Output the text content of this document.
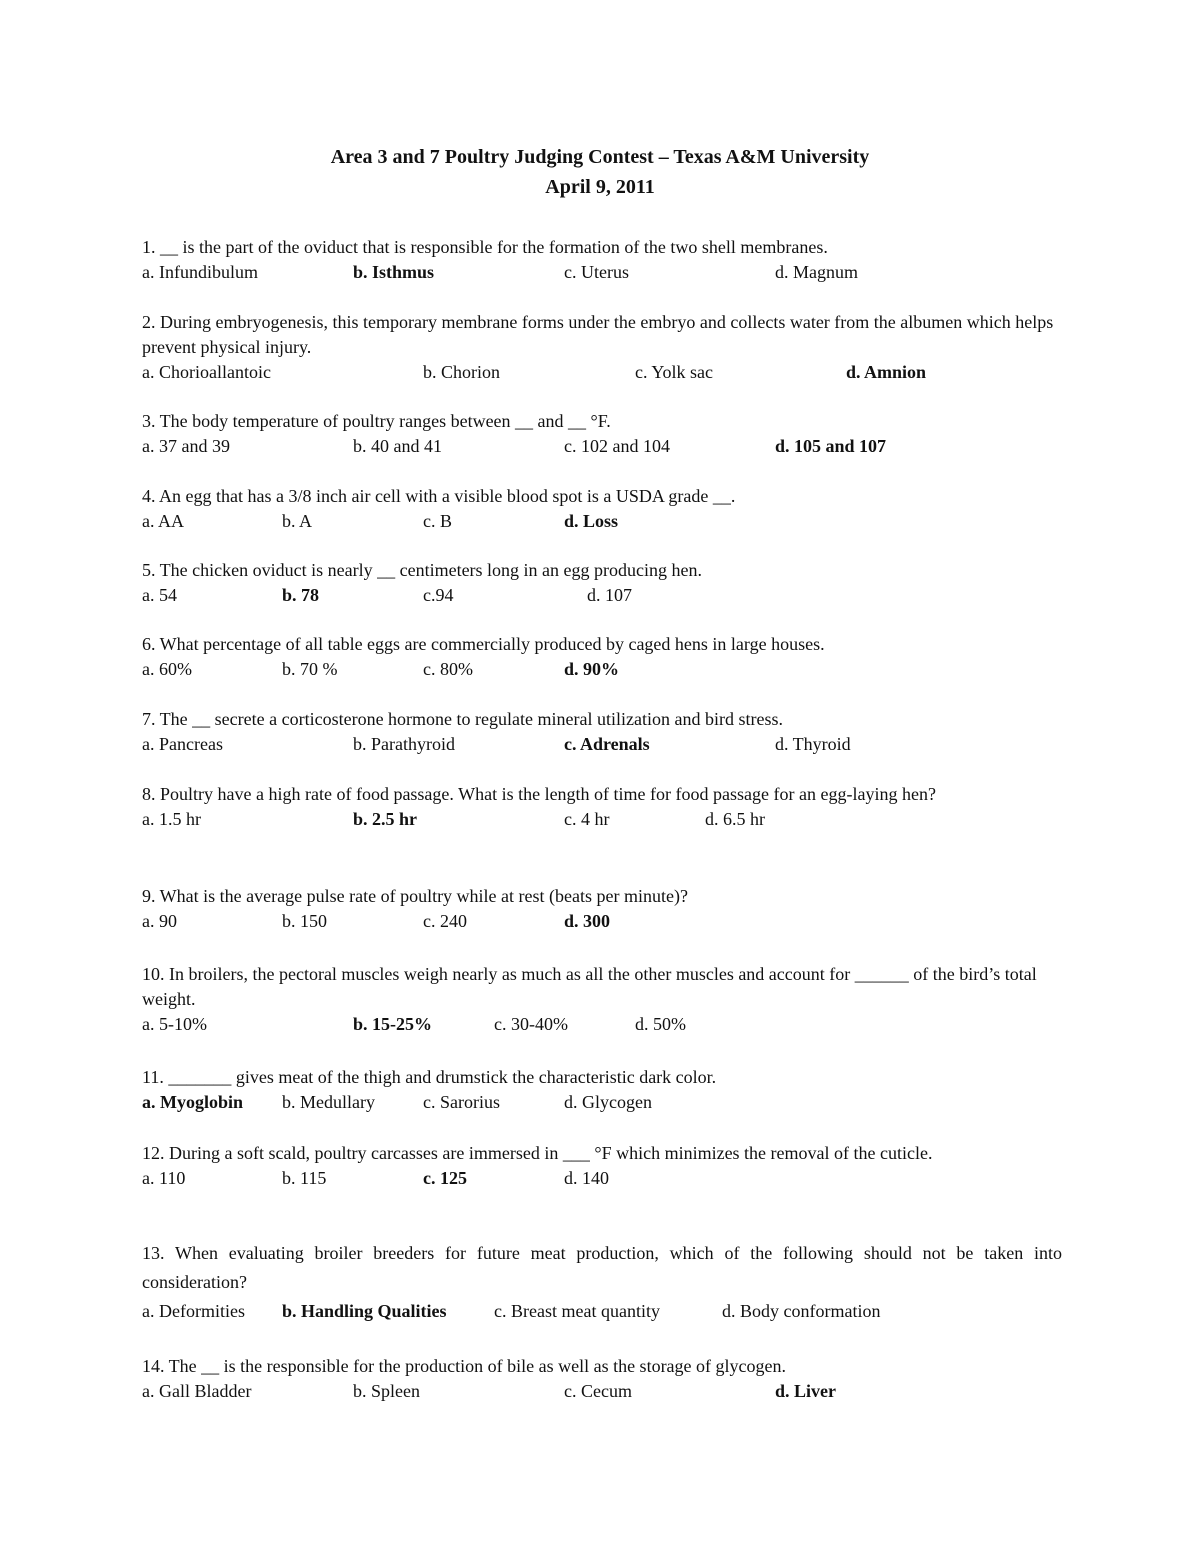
Area 3 and 7 Poultry Judging Contest – Texas A&M University
April 9, 2011
1. __ is the part of the oviduct that is responsible for the formation of the two shell membranes.
a. Infundibulum	b. Isthmus	c. Uterus	d. Magnum
2. During embryogenesis, this temporary membrane forms under the embryo and collects water from the albumen which helps prevent physical injury.
a. Chorioallantoic	b. Chorion	c. Yolk sac	d. Amnion
3. The body temperature of poultry ranges between __ and __ °F.
a. 37 and 39	b. 40 and 41	c. 102 and 104	d. 105 and 107
4. An egg that has a 3/8 inch air cell with a visible blood spot is a USDA grade __.
a. AA	b. A	c. B	d. Loss
5. The chicken oviduct is nearly __ centimeters long in an egg producing hen.
a. 54	b. 78	c.94	d. 107
6. What percentage of all table eggs are commercially produced by caged hens in large houses.
a. 60%	b. 70 %	c. 80%	d. 90%
7. The __ secrete a corticosterone hormone to regulate mineral utilization and bird stress.
a. Pancreas	b. Parathyroid	c. Adrenals	d. Thyroid
8. Poultry have a high rate of food passage. What is the length of time for food passage for an egg-laying hen?
a. 1.5 hr	b. 2.5 hr	c. 4 hr	d. 6.5 hr
9. What is the average pulse rate of poultry while at rest (beats per minute)?
a. 90	b. 150	c. 240	d. 300
10. In broilers, the pectoral muscles weigh nearly as much as all the other muscles and account for ______ of the bird’s total weight.
a. 5-10%	b. 15-25%	c. 30-40%	d. 50%
11. _______ gives meat of the thigh and drumstick the characteristic dark color.
a. Myoglobin b. Medullary	c. Sarorius	d. Glycogen
12. During a soft scald, poultry carcasses are immersed in ___ °F which minimizes the removal of the cuticle.
a. 110	b. 115	c. 125	d. 140
13. When evaluating broiler breeders for future meat production, which of the following should not be taken into consideration?
a. Deformities b. Handling Qualities	c. Breast meat quantity	d. Body conformation
14. The __ is the responsible for the production of bile as well as the storage of glycogen.
a. Gall Bladder	b. Spleen	c. Cecum	d. Liver
